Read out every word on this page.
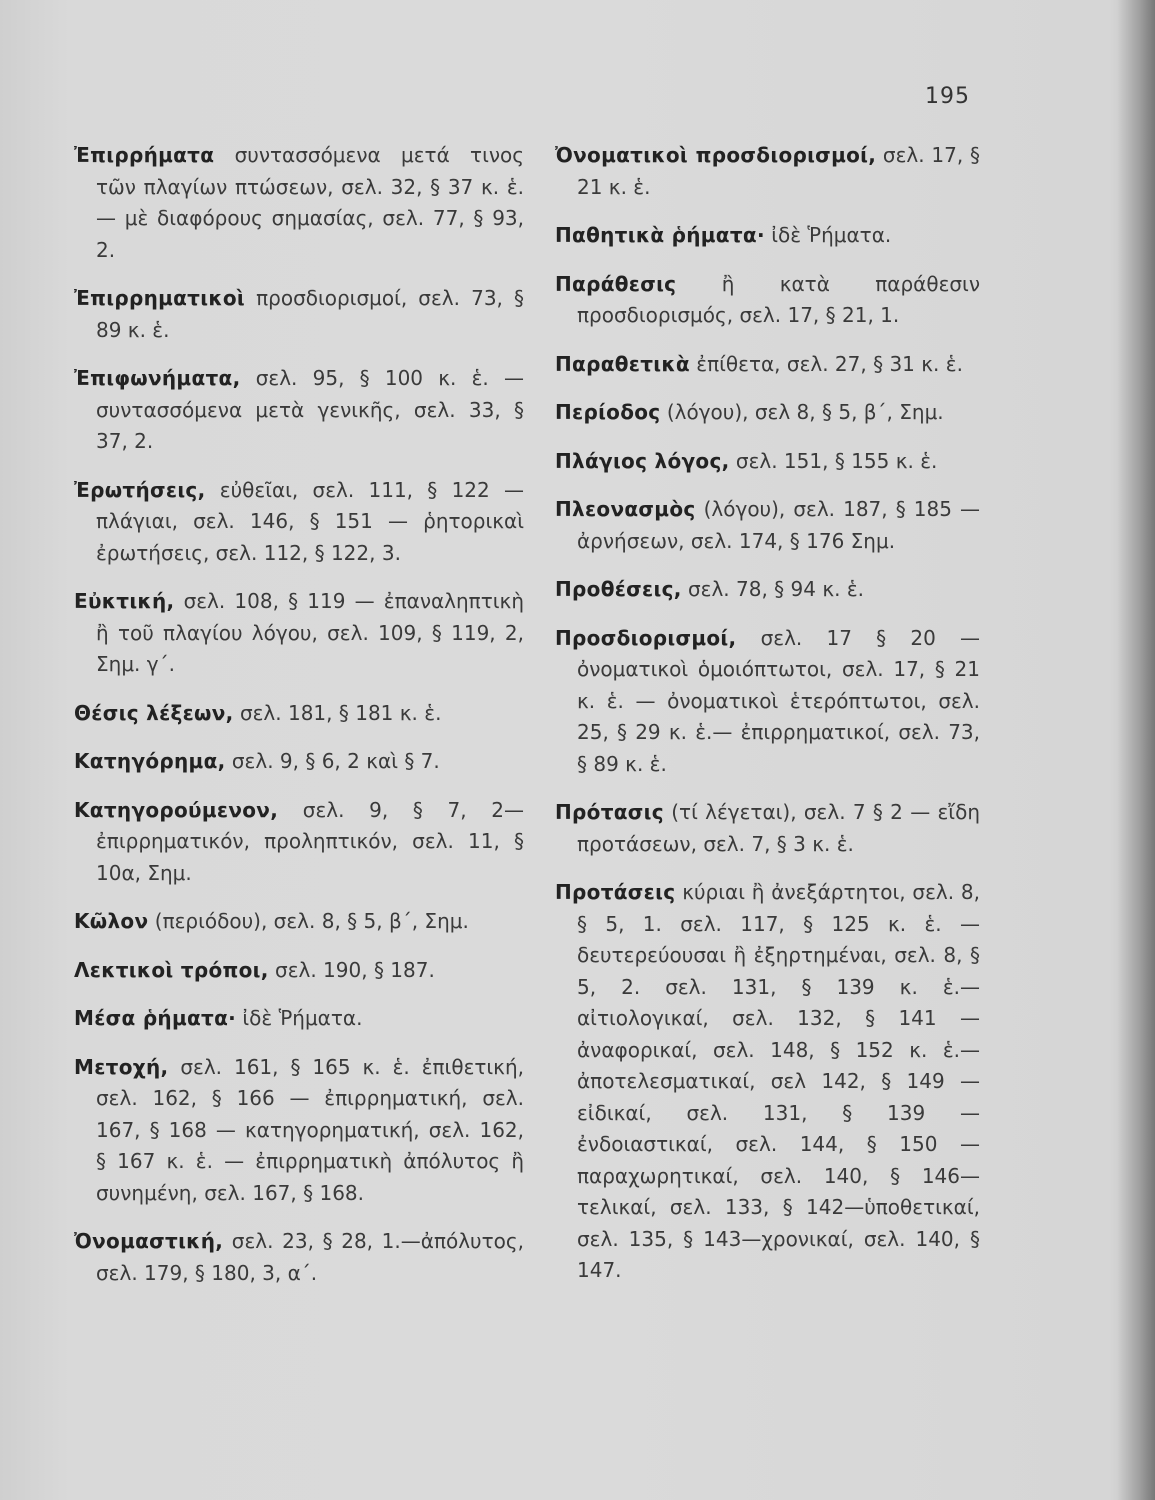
195

Ἐπιρρήματα συντασσόμενα μετά τινος τῶν πλαγίων πτώσεων, σελ. 32, § 37 κ. ἑ.— μὲ διαφόρους σημασίας, σελ. 77, § 93, 2.

Ἐπιρρηματικοὶ προσδιορισμοί, σελ. 73, § 89 κ. ἑ.

Ἐπιφωνήματα, σελ. 95, § 100 κ. ἑ. — συντασσόμενα μετὰ γενικῆς, σελ. 33, § 37, 2.

Ἐρωτήσεις, εὐθεῖαι, σελ. 111, § 122 — πλάγιαι, σελ. 146, § 151 — ῥητορικαὶ ἐρωτήσεις, σελ. 112, § 122, 3.

Εὐκτική, σελ. 108, § 119 — ἐπαναληπτικὴ ἢ τοῦ πλαγίου λόγου, σελ. 109, § 119, 2, Σημ. γ΄.

Θέσις λέξεων, σελ. 181, § 181 κ. ἑ.

Κατηγόρημα, σελ. 9, § 6, 2 καὶ § 7.

Κατηγορούμενον, σελ. 9, § 7, 2—ἐπιρρηματικόν, προληπτικόν, σελ. 11, § 10α, Σημ.

Κῶλον (περιόδου), σελ. 8, § 5, β΄, Σημ.

Λεκτικοὶ τρόποι, σελ. 190, § 187.

Μέσα ῥήματα· ἰδὲ Ῥήματα.

Μετοχή, σελ. 161, § 165 κ. ἑ. ἐπιθετική, σελ. 162, § 166 — ἐπιρρηματική, σελ. 167, § 168 — κατηγορηματική, σελ. 162, § 167 κ. ἑ. — ἐπιρρηματικὴ ἀπόλυτος ἢ συνημένη, σελ. 167, § 168.

Ὀνομαστική, σελ. 23, § 28, 1.—ἀπόλυτος, σελ. 179, § 180, 3, α΄.

Ὀνοματικοὶ προσδιορισμοί, σελ. 17, § 21 κ. ἑ.

Παθητικὰ ῥήματα· ἰδὲ Ῥήματα.

Παράθεσις ἢ κατὰ παράθεσιν προσδιορισμός, σελ. 17, § 21, 1.

Παραθετικὰ ἐπίθετα, σελ. 27, § 31 κ. ἑ.

Περίοδος (λόγου), σελ 8, § 5, β΄, Σημ.

Πλάγιος λόγος, σελ. 151, § 155 κ. ἑ.

Πλεονασμὸς (λόγου), σελ. 187, § 185 — ἀρνήσεων, σελ. 174, § 176 Σημ.

Προθέσεις, σελ. 78, § 94 κ. ἑ.

Προσδιορισμοί, σελ. 17 § 20 — ὀνοματικοὶ ὁμοιόπτωτοι, σελ. 17, § 21 κ. ἑ. — ὀνοματικοὶ ἑτερόπτωτοι, σελ. 25, § 29 κ. ἑ.— ἐπιρρηματικοί, σελ. 73, § 89 κ. ἑ.

Πρότασις (τί λέγεται), σελ. 7 § 2 — εἴδη προτάσεων, σελ. 7, § 3 κ. ἑ.

Προτάσεις κύριαι ἢ ἀνεξάρτητοι, σελ. 8, § 5, 1. σελ. 117, § 125 κ. ἑ. — δευτερεύουσαι ἢ ἐξηρτημέναι, σελ. 8, § 5, 2. σελ. 131, § 139 κ. ἑ.— αἰτιολογικαί, σελ. 132, § 141 — ἀναφορικαί, σελ. 148, § 152 κ. ἑ.—ἀποτελεσματικαί, σελ 142, § 149 — εἰδικαί, σελ. 131, § 139 — ἐνδοιαστικαί, σελ. 144, § 150 — παραχωρητικαί, σελ. 140, § 146—τελικαί, σελ. 133, § 142—ὑποθετικαί, σελ. 135, § 143—χρονικαί, σελ. 140, § 147.
